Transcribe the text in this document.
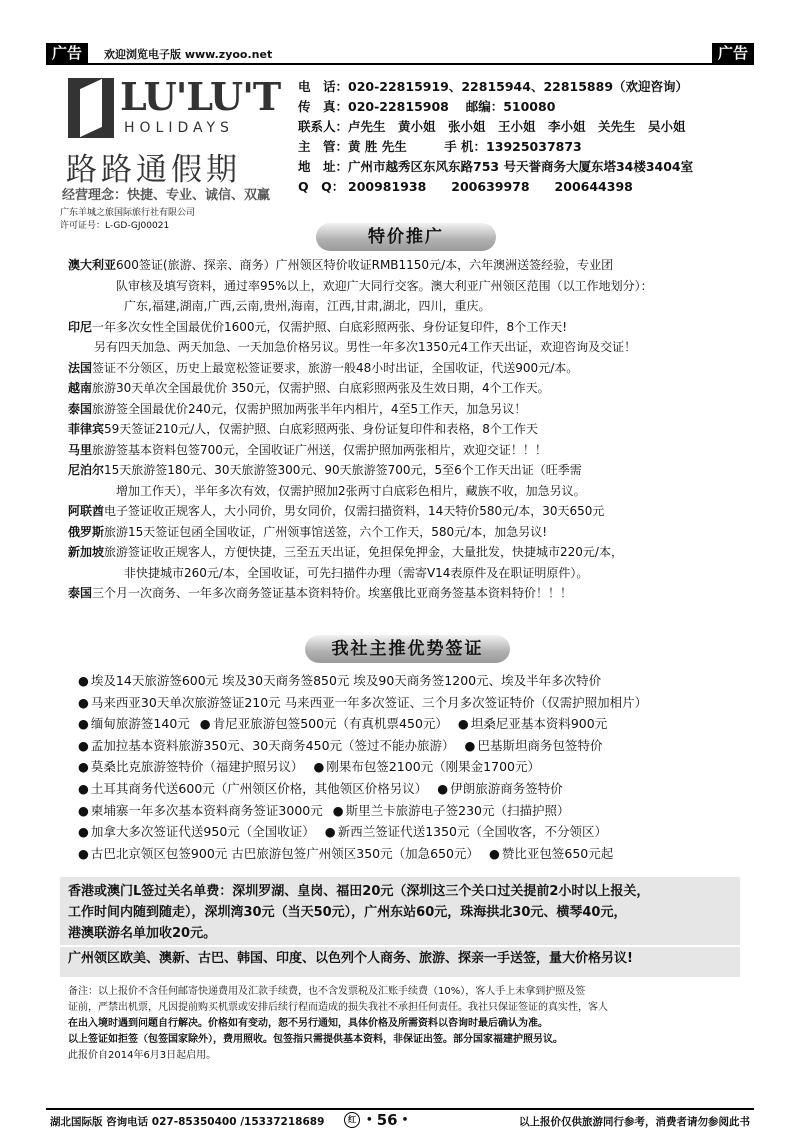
广告	欢迎浏览电子版 www.zyoo.net	广告
LU'LU'T
HOLIDAYS
路路通假期
经营理念：快捷、专业、诚信、双赢
广东羊城之旅国际旅行社有限公司
许可证号：L-GD-GJ00021
电　话： 020-22815919、22815944、22815889（欢迎咨询）
传　真： 020-22815908　 邮编：510080
联系人： 卢先生　黄小姐　张小姐　王小姐　李小姐　关先生　吴小姐
主　管： 黄 胜 先生　　　手 机：13925037873
地　址： 广州市越秀区东风东路753 号天誉商务大厦东塔34楼3404室
Q　Q： 200981938　　200639978　　200644398
特价推广
澳大利亚600签证(旅游、探亲、商务）广州领区特价收证RMB1150元/本，六年澳洲送签经验，专业团
队审核及填写资料，通过率95%以上，欢迎广大同行交客。澳大利亚广州领区范围（以工作地划分）：
广东,福建,湖南,广西,云南,贵州,海南，江西,甘肃,湖北，四川，重庆。
印尼一年多次女性全国最优价1600元，仅需护照、白底彩照两张、身份证复印件，8个工作天!
另有四天加急、两天加急、一天加急价格另议。男性一年多次1350元4工作天出证，欢迎咨询及交证！
法国签证不分领区，历史上最宽松签证要求，旅游一般48小时出证，全国收证，代送900元/本。
越南旅游30天单次全国最优价 350元，仅需护照、白底彩照两张及生效日期，4个工作天。
泰国旅游签全国最优价240元，仅需护照加两张半年内相片，4至5工作天，加急另议！
菲律宾59天签证210元/人，仅需护照、白底彩照两张、身份证复印件和表格，8个工作天
马里旅游签基本资料包签700元，全国收证广州送，仅需护照加两张相片，欢迎交证！！！
尼泊尔15天旅游签180元、30天旅游签300元、90天旅游签700元，5至6个工作天出证（旺季需
增加工作天），半年多次有效，仅需护照加2张两寸白底彩色相片，藏族不收，加急另议。
阿联酋电子签证收正规客人，大小同价，男女同价，仅需扫描资料，14天特价580元/本，30天650元
俄罗斯旅游15天签证包函全国收证，广州领事馆送签，六个工作天，580元/本，加急另议!
新加坡旅游签证收正规客人，方便快捷，三至五天出证，免担保免押金，大量批发，快捷城市220元/本，
非快捷城市260元/本，全国收证，可先扫描件办理（需寄V14表原件及在职证明原件）。
泰国三个月一次商务、一年多次商务签证基本资料特价。埃塞俄比亚商务签基本资料特价！！！
我社主推优势签证
● 埃及14天旅游签600元 埃及30天商务签850元 埃及90天商务签1200元、埃及半年多次特价
● 马来西亚30天单次旅游签证210元 马来西亚一年多次签证、三个月多次签证特价（仅需护照加相片）
● 缅甸旅游签140元	● 肯尼亚旅游包签500元（有真机票450元）	● 坦桑尼亚基本资料900元
● 孟加拉基本资料旅游350元、30天商务450元（签过不能办旅游）	● 巴基斯坦商务包签特价
● 莫桑比克旅游签特价（福建护照另议）	● 刚果布包签2100元（刚果金1700元）
● 土耳其商务代送600元（广州领区价格，其他领区价格另议）	● 伊朗旅游商务签特价
● 柬埔寨一年多次基本资料商务签证3000元	● 斯里兰卡旅游电子签230元（扫描护照）
● 加拿大多次签证代送950元（全国收证）	● 新西兰签证代送1350元（全国收客，不分领区）
● 古巴北京领区包签900元 古巴旅游包签广州领区350元（加急650元）	● 赞比亚包签650元起
香港或澳门L签过关名单费：深圳罗湖、皇岗、福田20元（深圳这三个关口过关提前2小时以上报关，
工作时间内随到随走），深圳湾30元（当天50元），广州东站60元，珠海拱北30元、横琴40元，
港澳联游名单加收20元。
广州领区欧美、澳新、古巴、韩国、印度、以色列个人商务、旅游、探亲一手送签，量大价格另议!
备注：以上报价不含任何邮寄快递费用及汇款手续费，也不含发票税及汇账手续费（10%），客人手上未拿到护照及签
证前，严禁出机票，凡因提前购买机票或安排后续行程而造成的损失我社不承担任何责任。我社只保证签证的真实性，客人
在出入境时遇到问题自行解决。价格如有变动，恕不另行通知，具体价格及所需资料以咨询时最后确认为准。
以上签证如拒签（包签国家除外），费用照收。包签指只需提供基本资料，非保证出签。部分国家福建护照另议。
此报价自2014年6月3日起启用。
湖北国际版 咨询电话 027-85350400 /15337218689	红 • 56 •	以上报价仅供旅游同行参考，消费者请勿参阅此书
